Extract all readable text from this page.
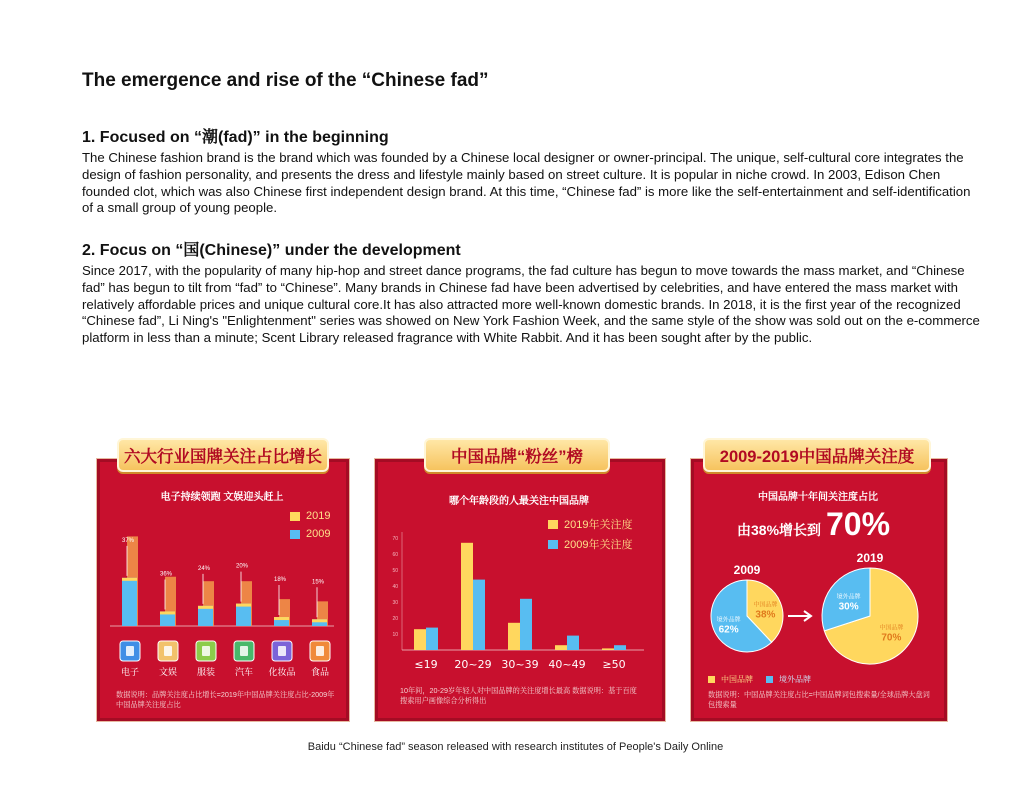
The emergence and rise of the “Chinese fad”
1. Focused on “潮(fad)” in the beginning

The Chinese fashion brand is the brand which was founded by a Chinese local designer or owner-principal. The unique, self-cultural core integrates the design of fashion personality, and presents the dress and lifestyle mainly based on street culture. It is popular in niche crowd. In 2003, Edison Chen founded clot, which was also Chinese first independent design brand. At this time, “Chinese fad” is more like the self-entertainment and self-identification of a small group of young people.

2. Focus on “国(Chinese)” under the development

Since 2017, with the popularity of many hip-hop and street dance programs, the fad culture has begun to move towards the mass market, and “Chinese fad” has begun to tilt from “fad” to “Chinese”. Many brands in Chinese fad have been advertised by celebrities, and have entered the mass market with relatively affordable prices and unique cultural core.It has also attracted more well-known domestic brands. In 2018, it is the first year of the recognized “Chinese fad”, Li Ning's "Enlightenment" series was showed on New York Fashion Week, and the same style of the show was sold out on the e-commerce platform in less than a minute; Scent Library released fragrance with White Rabbit. And it has been sought after by the public.

六大行业国牌关注占比增长
电子持续领跑 文娱迎头赶上
2019
2009
37%
电子
36%
文娱
24%
服装
20%
汽车
18%
化妆品
15%
食品
数据说明：品牌关注度占比增长=2019年中国品牌关注度占比-2009年中国品牌关注度占比
中国品牌“粉丝”榜
哪个年龄段的人最关注中国品牌
2019年关注度
2009年关注度
10
20
30
40
50
60
70
≤19 20~29 30~39 40~49 ≥50
10年间，20-29岁年轻人对中国品牌的关注度增长最高 数据说明：基于百度搜索用户画像综合分析得出
2009-2019中国品牌关注度
中国品牌十年间关注度占比
由38%增长到 70%
2009
中国品牌
38%
境外品牌
62%
2019
中国品牌
70%
境外品牌
30%
中国品牌	境外品牌
数据说明：中国品牌关注度占比=中国品牌词包搜索量/全球品牌大盘词包搜索量
Baidu “Chinese fad” season released with research institutes of People's Daily Online
